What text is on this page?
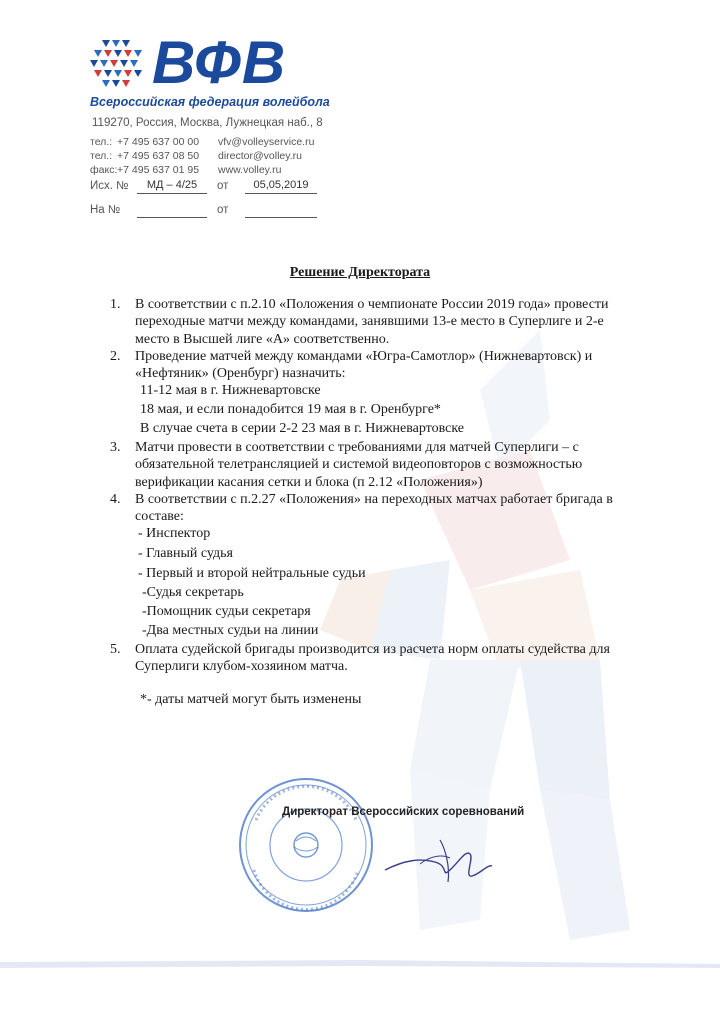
ВФВ
Всероссийская федерация волейбола
119270, Россия, Москва, Лужнецкая наб., 8
тел.: +7 495 637 00 00 vfv@volleyservice.ru
тел.: +7 495 637 08 50 director@volley.ru
факс: +7 495 637 01 95 www.volley.ru
Исх. №	МД – 4/25	от	05,05,2019
На №	от
Решение Директората
1. В соответствии с п.2.10 «Положения о чемпионате России 2019 года» провести
переходные матчи между командами, занявшими 13-е место в Суперлиге и 2-е
место в Высшей лиге «А» соответственно.
2. Проведение матчей между командами «Югра-Самотлор» (Нижневартовск) и
«Нефтяник» (Оренбург) назначить:
11-12 мая в г. Нижневартовске
18 мая, и если понадобится 19 мая в г. Оренбурге*
В случае счета в серии 2-2 23 мая в г. Нижневартовске
3. Матчи провести в соответствии с требованиями для матчей Суперлиги – с
обязательной телетрансляцией и системой видеоповторов с возможностью
верификации касания сетки и блока (п 2.12 «Положения»)
4. В соответствии с п.2.27 «Положения» на переходных матчах работает бригада в
составе:
- Инспектор
- Главный судья
- Первый и второй нейтральные судьи
-Судья секретарь
-Помощник судьи секретаря
-Два местных судьи на линии
5. Оплата судейской бригады производится из расчета норм оплаты судейства для
Суперлиги клубом-хозяином матча.
*- даты матчей могут быть изменены
Директорат Всероссийских соревнований
